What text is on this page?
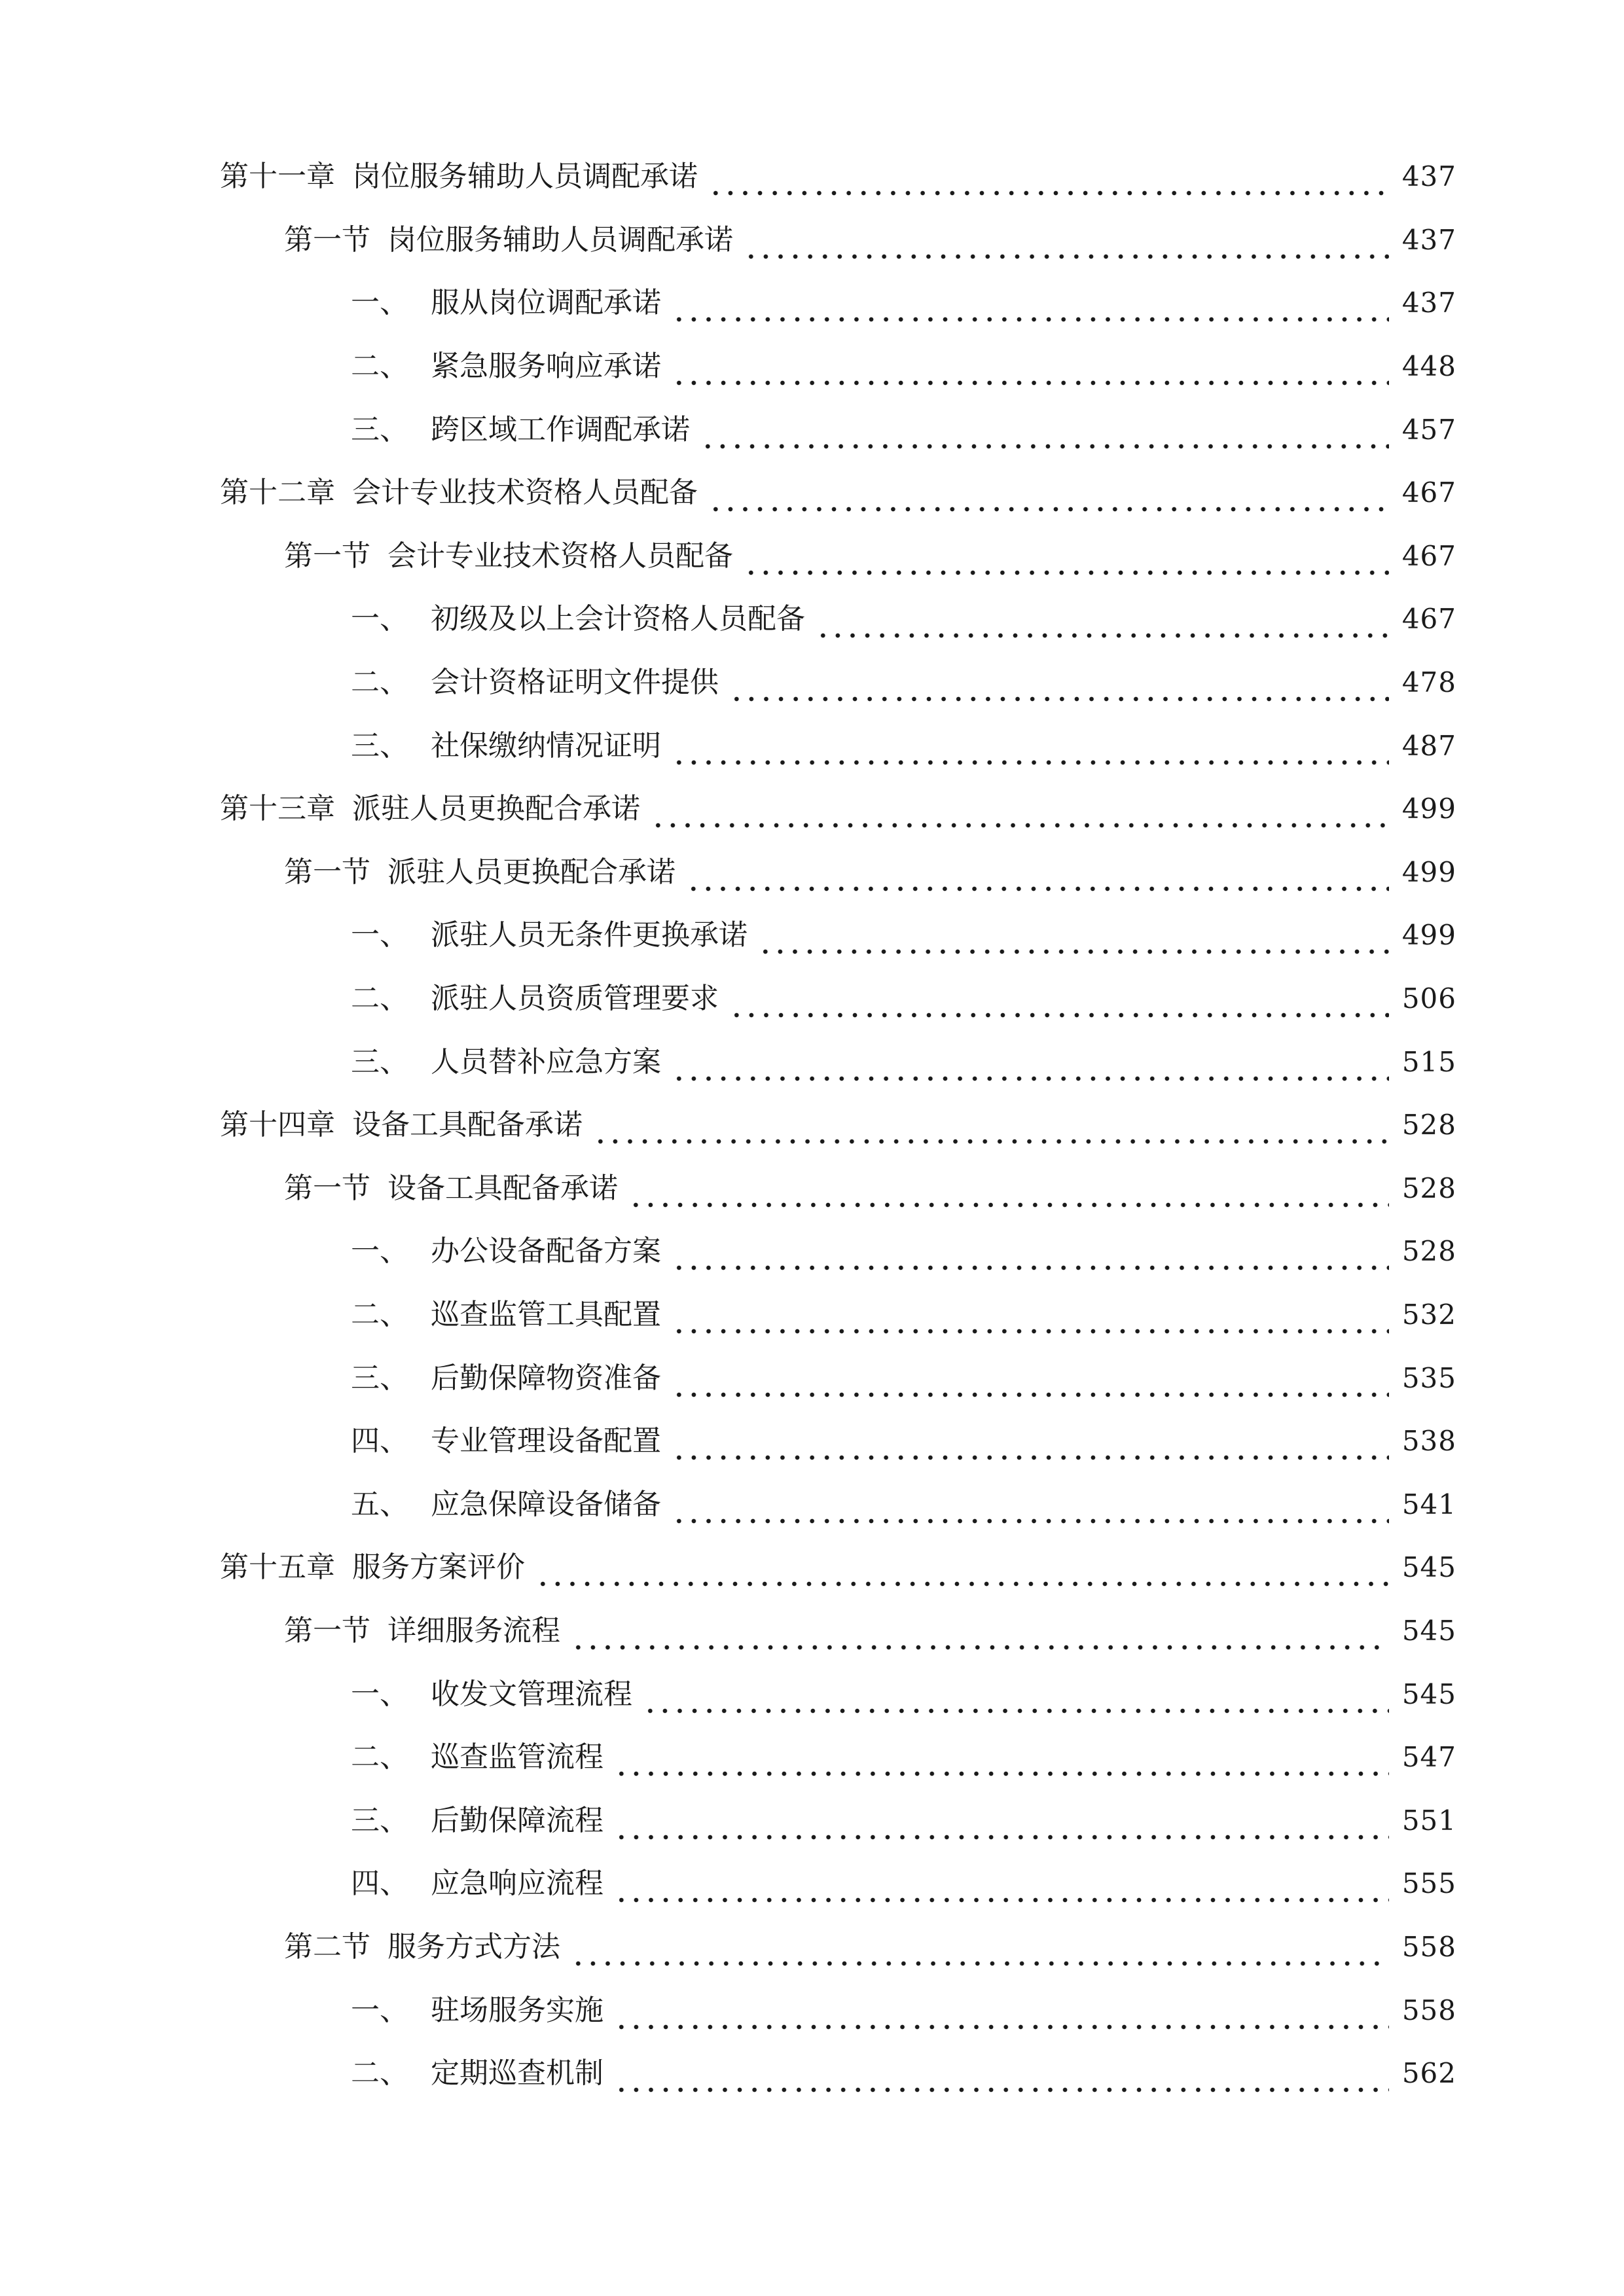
第十一章 岗位服务辅助人员调配承诺	437
第一节 岗位服务辅助人员调配承诺	437
一、 服从岗位调配承诺	437
二、 紧急服务响应承诺	448
三、 跨区域工作调配承诺	457
第十二章 会计专业技术资格人员配备	467
第一节 会计专业技术资格人员配备	467
一、 初级及以上会计资格人员配备	467
二、 会计资格证明文件提供	478
三、 社保缴纳情况证明	487
第十三章 派驻人员更换配合承诺	499
第一节 派驻人员更换配合承诺	499
一、 派驻人员无条件更换承诺	499
二、 派驻人员资质管理要求	506
三、 人员替补应急方案	515
第十四章 设备工具配备承诺	528
第一节 设备工具配备承诺	528
一、 办公设备配备方案	528
二、 巡查监管工具配置	532
三、 后勤保障物资准备	535
四、 专业管理设备配置	538
五、 应急保障设备储备	541
第十五章 服务方案评价	545
第一节 详细服务流程	545
一、 收发文管理流程	545
二、 巡查监管流程	547
三、 后勤保障流程	551
四、 应急响应流程	555
第二节 服务方式方法	558
一、 驻场服务实施	558
二、 定期巡查机制	562
